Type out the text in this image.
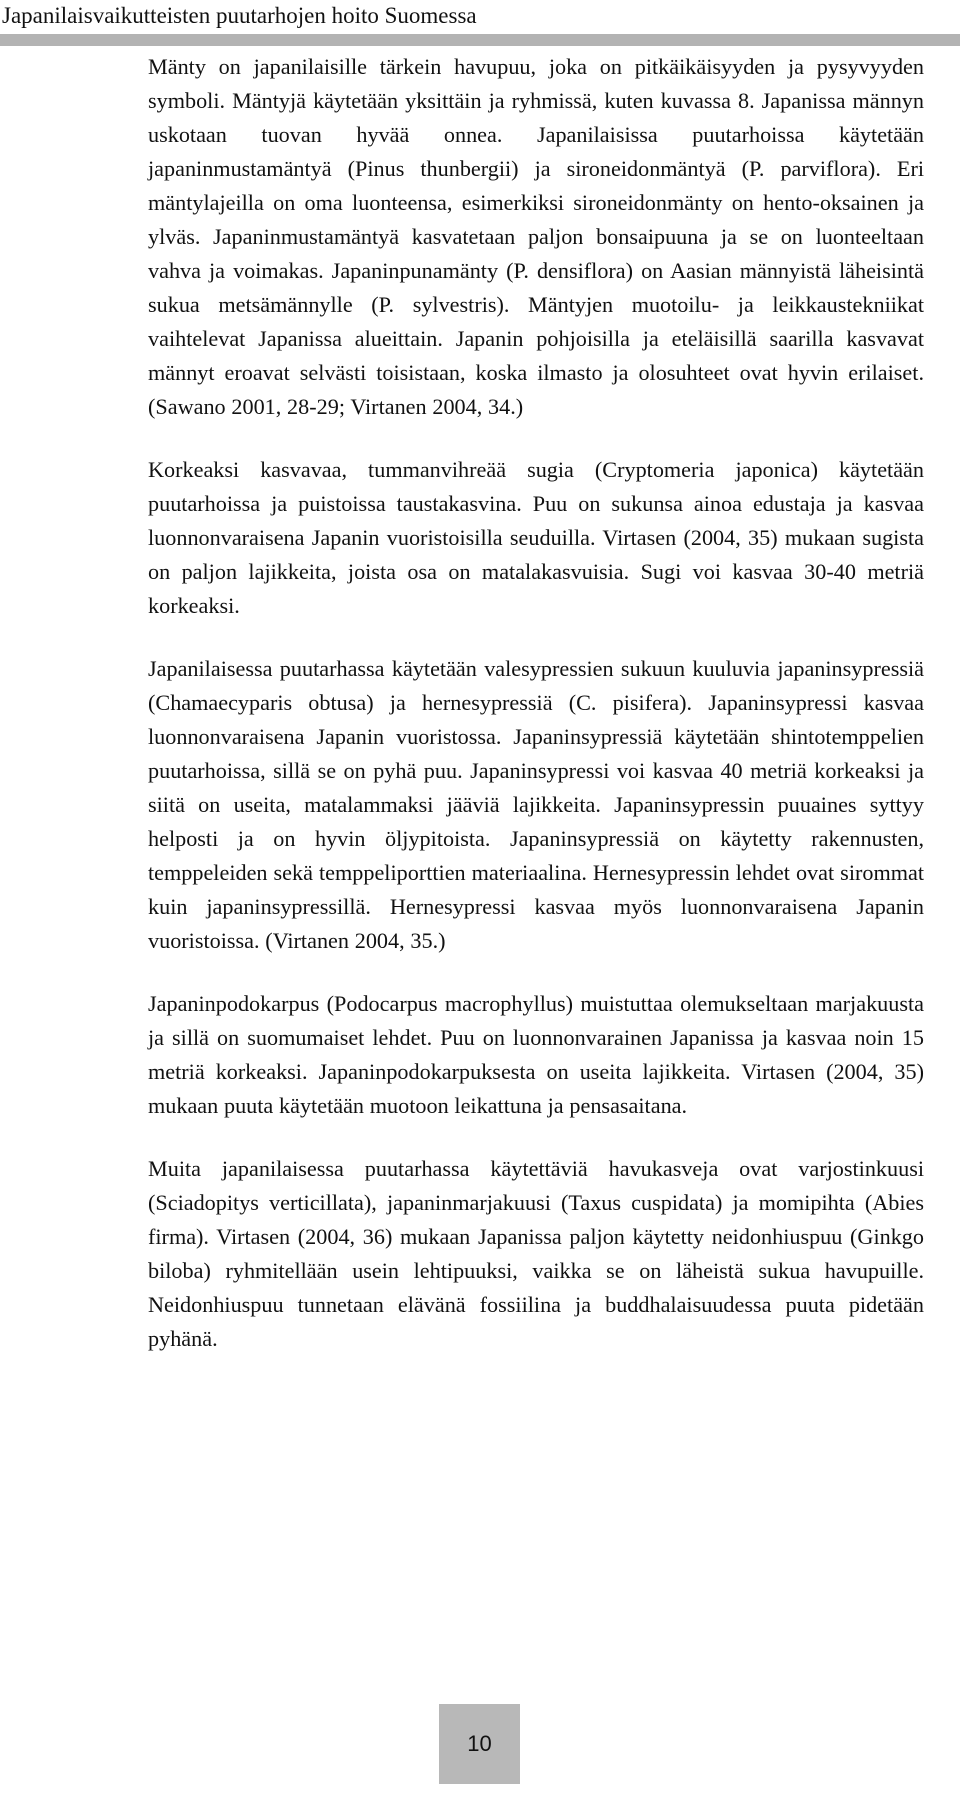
Japanilaisvaikutteisten puutarhojen hoito Suomessa

Mänty on japanilaisille tärkein havupuu, joka on pitkäikäisyyden ja pysyvyyden symboli. Mäntyjä käytetään yksittäin ja ryhmissä, kuten kuvassa 8. Japanissa männyn uskotaan tuovan hyvää onnea. Japanilaisissa puutarhoissa käytetään japaninmustamäntyä (Pinus thunbergii) ja sironeidonmäntyä (P. parviflora). Eri mäntylajeilla on oma luonteensa, esimerkiksi sironeidonmänty on hento-oksainen ja ylväs. Japaninmustamäntyä kasvatetaan paljon bonsaipuuna ja se on luonteeltaan vahva ja voimakas. Japaninpunamänty (P. densiflora) on Aasian männyistä läheisintä sukua metsämännylle (P. sylvestris). Mäntyjen muotoilu- ja leikkaustekniikat vaihtelevat Japanissa alueittain. Japanin pohjoisilla ja eteläisillä saarilla kasvavat männyt eroavat selvästi toisistaan, koska ilmasto ja olosuhteet ovat hyvin erilaiset. (Sawano 2001, 28-29; Virtanen 2004, 34.)

Korkeaksi kasvavaa, tummanvihreää sugia (Cryptomeria japonica) käytetään puutarhoissa ja puistoissa taustakasvina. Puu on sukunsa ainoa edustaja ja kasvaa luonnonvaraisena Japanin vuoristoisilla seuduilla. Virtasen (2004, 35) mukaan sugista on paljon lajikkeita, joista osa on matalakasvuisia. Sugi voi kasvaa 30-40 metriä korkeaksi.

Japanilaisessa puutarhassa käytetään valesypressien sukuun kuuluvia japaninsypressiä (Chamaecyparis obtusa) ja hernesypressiä (C. pisifera). Japaninsypressi kasvaa luonnonvaraisena Japanin vuoristossa. Japaninsypressiä käytetään shintotemppelien puutarhoissa, sillä se on pyhä puu. Japaninsypressi voi kasvaa 40 metriä korkeaksi ja siitä on useita, matalammaksi jääviä lajikkeita. Japaninsypressin puuaines syttyy helposti ja on hyvin öljypitoista. Japaninsypressiä on käytetty rakennusten, temppeleiden sekä temppeliporttien materiaalina. Hernesypressin lehdet ovat sirommat kuin japaninsypressillä. Hernesypressi kasvaa myös luonnonvaraisena Japanin vuoristoissa. (Virtanen 2004, 35.)

Japaninpodokarpus (Podocarpus macrophyllus) muistuttaa olemukseltaan marjakuusta ja sillä on suomumaiset lehdet. Puu on luonnonvarainen Japanissa ja kasvaa noin 15 metriä korkeaksi. Japaninpodokarpuksesta on useita lajikkeita. Virtasen (2004, 35) mukaan puuta käytetään muotoon leikattuna ja pensasaitana.

Muita japanilaisessa puutarhassa käytettäviä havukasveja ovat varjostinkuusi (Sciadopitys verticillata), japaninmarjakuusi (Taxus cuspidata) ja momipihta (Abies firma). Virtasen (2004, 36) mukaan Japanissa paljon käytetty neidonhiuspuu (Ginkgo biloba) ryhmitellään usein lehtipuuksi, vaikka se on läheistä sukua havupuille. Neidonhiuspuu tunnetaan elävänä fossiilina ja buddhalaisuudessa puuta pidetään pyhänä.

10
